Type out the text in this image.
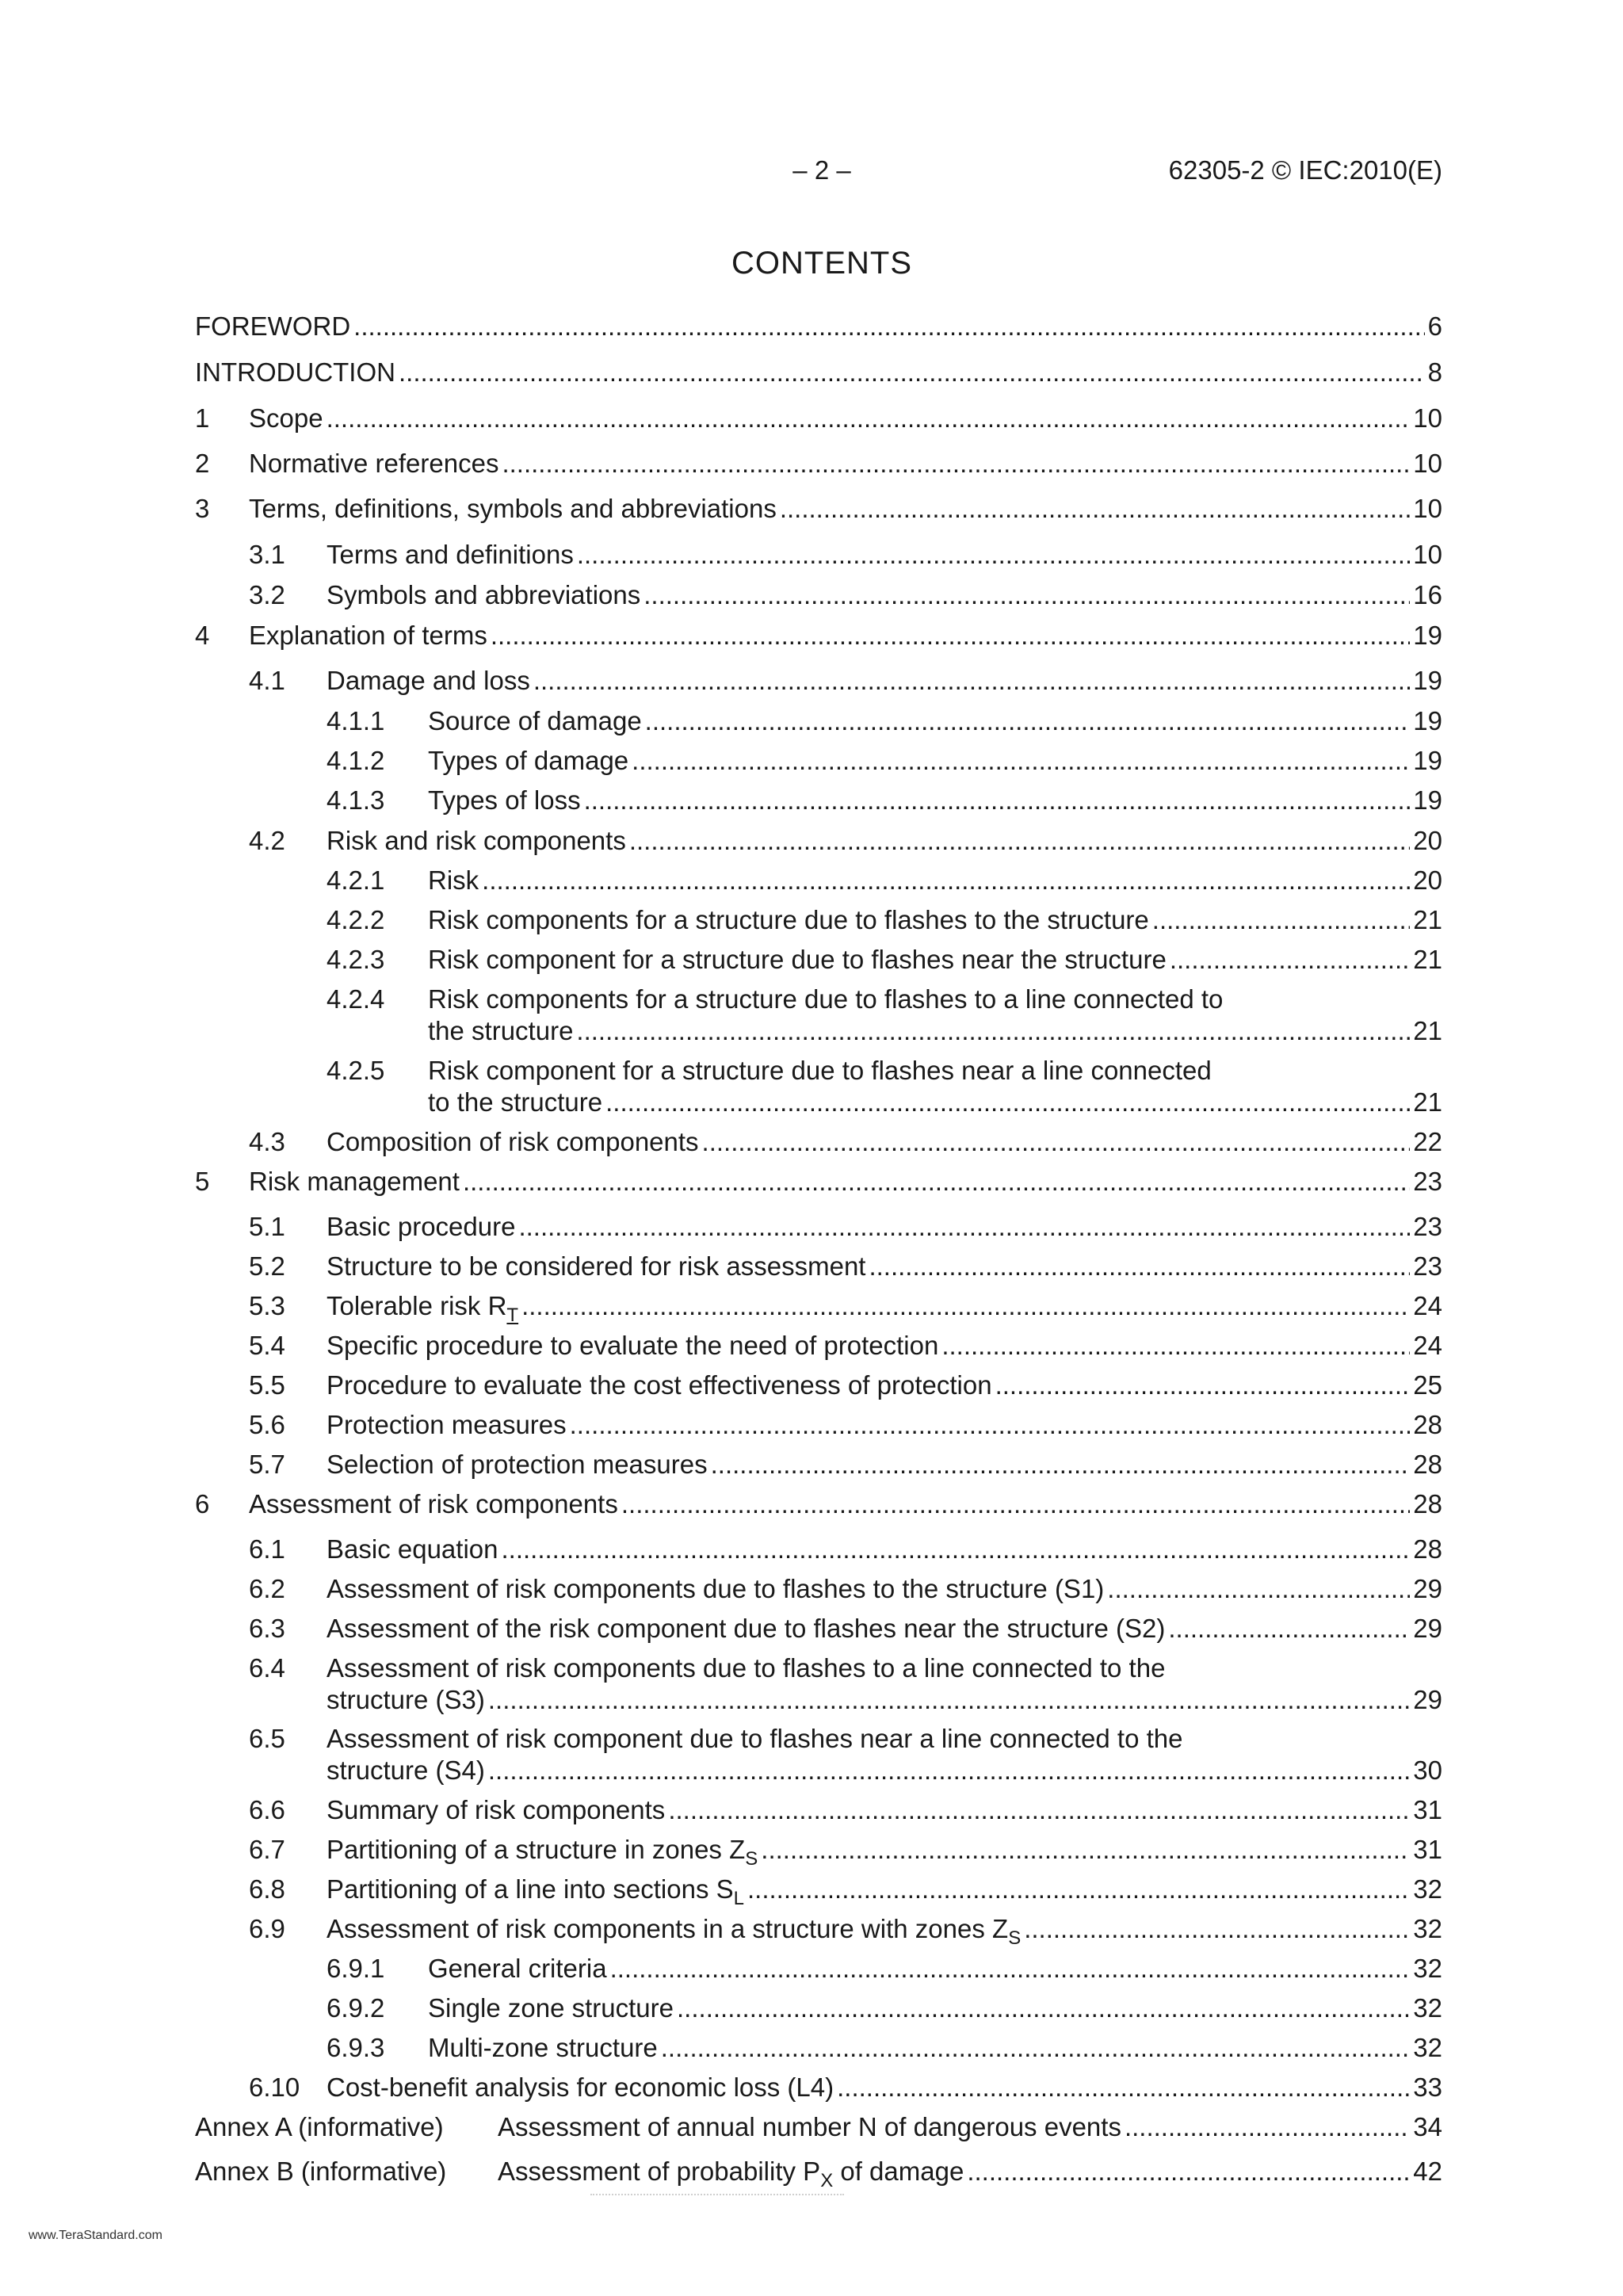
– 2 –	62305-2 © IEC:2010(E)
CONTENTS
FOREWORD .....	6
INTRODUCTION .....	8
1	Scope .....	10
2	Normative references .....	10
3	Terms, definitions, symbols and abbreviations .....	10
3.1	Terms and definitions .....	10
3.2	Symbols and abbreviations .....	16
4	Explanation of terms .....	19
4.1	Damage and loss .....	19
4.1.1	Source of damage .....	19
4.1.2	Types of damage .....	19
4.1.3	Types of loss .....	19
4.2	Risk and risk components .....	20
4.2.1	Risk .....	20
4.2.2	Risk components for a structure due to flashes to the structure .....	21
4.2.3	Risk component for a structure due to flashes near the structure .....	21
4.2.4	Risk components for a structure due to flashes to a line connected to
the structure .....	21
4.2.5	Risk component for a structure due to flashes near a line connected
to the structure .....	21
4.3	Composition of risk components .....	22
5	Risk management .....	23
5.1	Basic procedure .....	23
5.2	Structure to be considered for risk assessment .....	23
5.3	Tolerable risk $R_T$ .....	24
5.4	Specific procedure to evaluate the need of protection .....	24
5.5	Procedure to evaluate the cost effectiveness of protection .....	25
5.6	Protection measures .....	28
5.7	Selection of protection measures .....	28
6	Assessment of risk components .....	28
6.1	Basic equation .....	28
6.2	Assessment of risk components due to flashes to the structure (S1) .....	29
6.3	Assessment of the risk component due to flashes near the structure (S2) .....	29
6.4	Assessment of risk components due to flashes to a line connected to the
structure (S3) .....	29
6.5	Assessment of risk component due to flashes near a line connected to the
structure (S4) .....	30
6.6	Summary of risk components .....	31
6.7	Partitioning of a structure in zones $Z_S$ .....	31
6.8	Partitioning of a line into sections $S_L$ .....	32
6.9	Assessment of risk components in a structure with zones $Z_S$ .....	32
6.9.1	General criteria .....	32
6.9.2	Single zone structure .....	32
6.9.3	Multi-zone structure .....	32
6.10	Cost-benefit analysis for economic loss (L4) .....	33
Annex A (informative)	Assessment of annual number N of dangerous events .....	34
Annex B (informative)	Assessment of probability $P_X$ of damage .....	42
www.TeraStandard.com
